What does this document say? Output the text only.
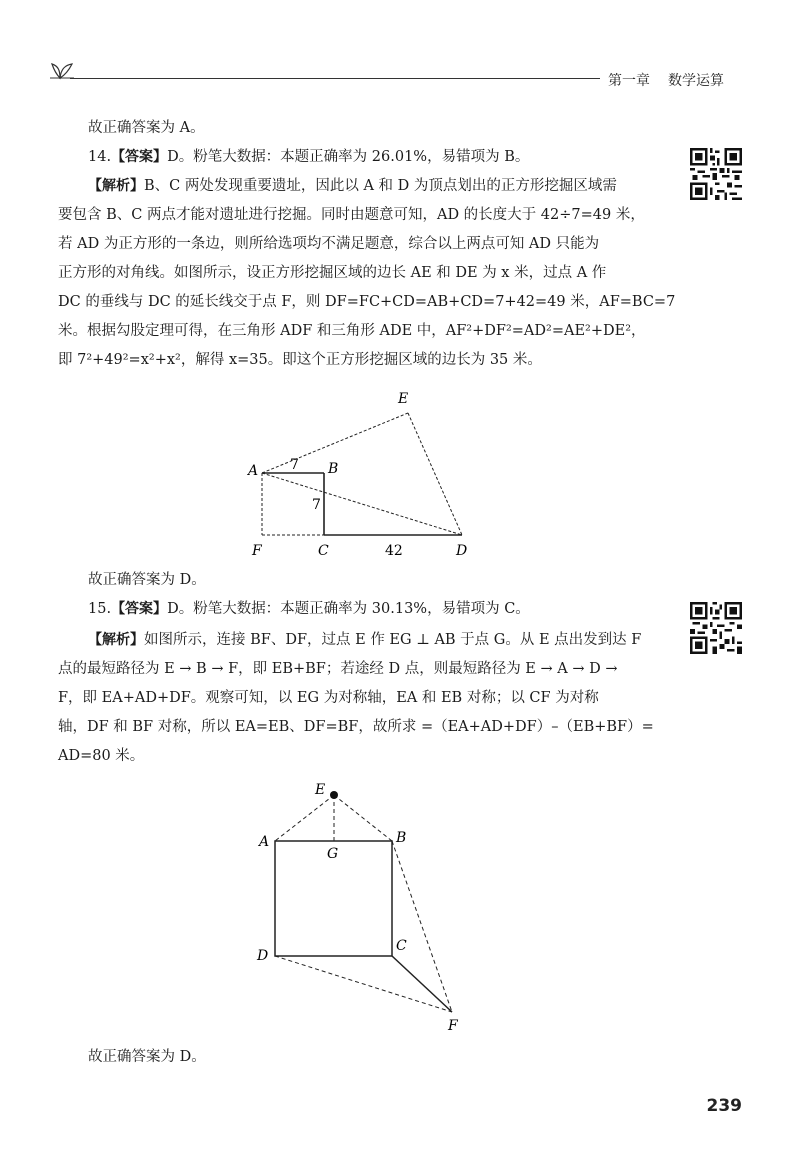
第一章 数学运算
故正确答案为 A。
14.【答案】D。粉笔大数据：本题正确率为 26.01%，易错项为 B。
【解析】B、C 两处发现重要遗址，因此以 A 和 D 为顶点划出的正方形挖掘区域需
要包含 B、C 两点才能对遗址进行挖掘。同时由题意可知，AD 的长度大于 42÷7=49 米，
若 AD 为正方形的一条边，则所给选项均不满足题意，综合以上两点可知 AD 只能为
正方形的对角线。如图所示，设正方形挖掘区域的边长 AE 和 DE 为 x 米，过点 A 作
DC 的垂线与 DC 的延长线交于点 F，则 DF=FC+CD=AB+CD=7+42=49 米，AF=BC=7
米。根据勾股定理可得，在三角形 ADF 和三角形 ADE 中，AF²+DF²=AD²=AE²+DE²，
即 7²+49²=x²+x²，解得 x=35。即这个正方形挖掘区域的边长为 35 米。
E
A	B
7
7
F	C	42	D
故正确答案为 D。
15.【答案】D。粉笔大数据：本题正确率为 30.13%，易错项为 C。
【解析】如图所示，连接 BF、DF，过点 E 作 EG ⊥ AB 于点 G。从 E 点出发到达 F
点的最短路径为 E → B → F，即 EB+BF；若途经 D 点，则最短路径为 E → A → D →
F，即 EA+AD+DF。观察可知，以 EG 为对称轴，EA 和 EB 对称；以 CF 为对称
轴，DF 和 BF 对称，所以 EA=EB、DF=BF，故所求 =（EA+AD+DF）–（EB+BF）=
AD=80 米。
E
A	B
G
D
C
F
故正确答案为 D。
239
